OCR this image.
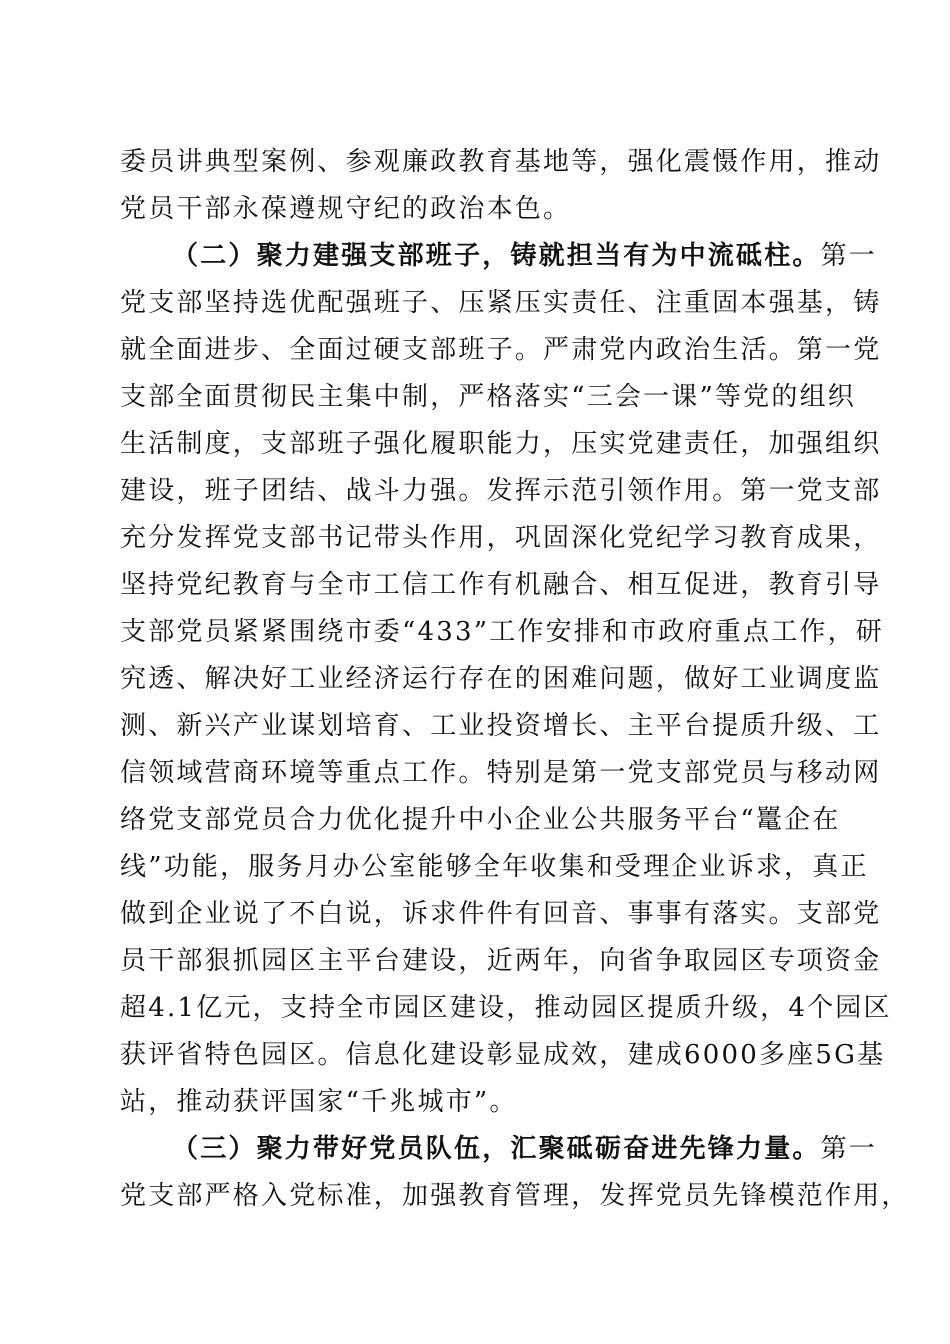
委员讲典型案例、参观廉政教育基地等，强化震慑作用，推动
党员干部永葆遵规守纪的政治本色。
（二）聚力建强支部班子，铸就担当有为中流砥柱。第一
党支部坚持选优配强班子、压紧压实责任、注重固本强基，铸
就全面进步、全面过硬支部班子。严肃党内政治生活。第一党
支部全面贯彻民主集中制，严格落实“三会一课”等党的组织
生活制度，支部班子强化履职能力，压实党建责任，加强组织
建设，班子团结、战斗力强。发挥示范引领作用。第一党支部
充分发挥党支部书记带头作用，巩固深化党纪学习教育成果，
坚持党纪教育与全市工信工作有机融合、相互促进，教育引导
支部党员紧紧围绕市委“433”工作安排和市政府重点工作，研
究透、解决好工业经济运行存在的困难问题，做好工业调度监
测、新兴产业谋划培育、工业投资增长、主平台提质升级、工
信领域营商环境等重点工作。特别是第一党支部党员与移动网
络党支部党员合力优化提升中小企业公共服务平台“鼍企在
线”功能，服务月办公室能够全年收集和受理企业诉求，真正
做到企业说了不白说，诉求件件有回音、事事有落实。支部党
员干部狠抓园区主平台建设，近两年，向省争取园区专项资金
超4.1亿元，支持全市园区建设，推动园区提质升级，4个园区
获评省特色园区。信息化建设彰显成效，建成6000多座5G基
站，推动获评国家“千兆城市”。
（三）聚力带好党员队伍，汇聚砥砺奋进先锋力量。第一
党支部严格入党标准，加强教育管理，发挥党员先锋模范作用，
